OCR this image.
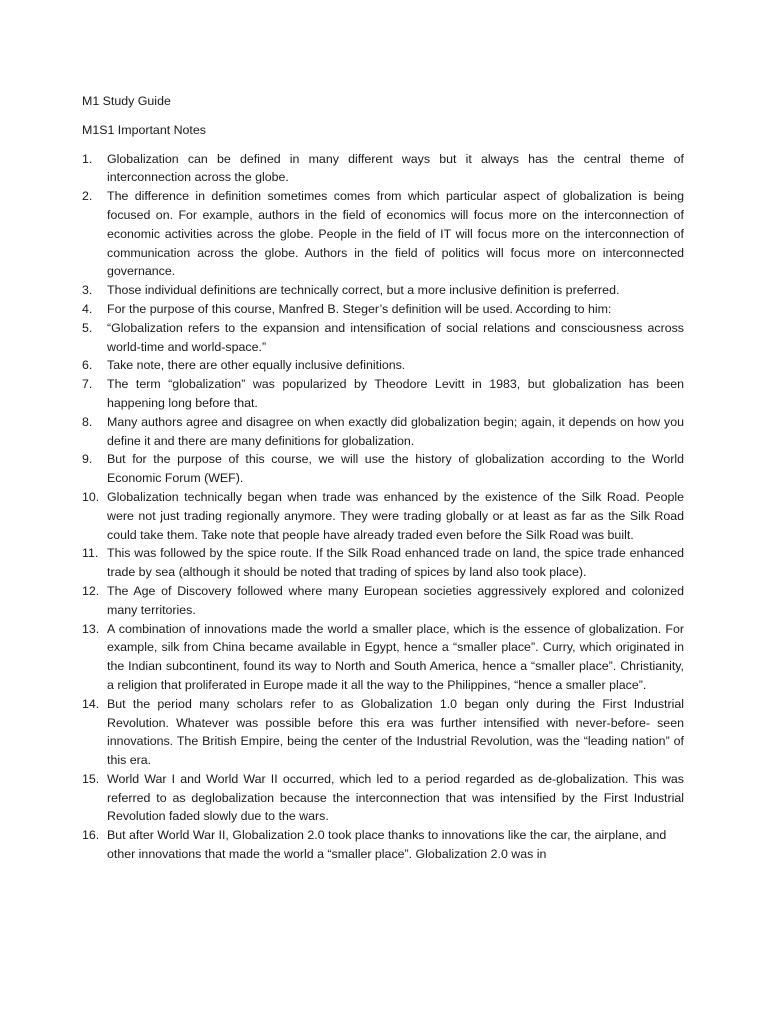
M1 Study Guide

M1S1 Important Notes

1.	Globalization can be defined in many different ways but it always has the central theme of interconnection across the globe.
2.	The difference in definition sometimes comes from which particular aspect of globalization is being focused on. For example, authors in the field of economics will focus more on the interconnection of economic activities across the globe. People in the field of IT will focus more on the interconnection of communication across the globe. Authors in the field of politics will focus more on interconnected governance.
3.	Those individual definitions are technically correct, but a more inclusive definition is preferred.
4.	For the purpose of this course, Manfred B. Steger’s definition will be used. According to him:
5.	“Globalization refers to the expansion and intensification of social relations and consciousness across world-time and world-space.”
6.	Take note, there are other equally inclusive definitions.
7.	The term “globalization” was popularized by Theodore Levitt in 1983, but globalization has been happening long before that.
8.	Many authors agree and disagree on when exactly did globalization begin; again, it depends on how you define it and there are many definitions for globalization.
9.	But for the purpose of this course, we will use the history of globalization according to the World Economic Forum (WEF).
10. Globalization technically began when trade was enhanced by the existence of the Silk Road. People were not just trading regionally anymore. They were trading globally or at least as far as the Silk Road could take them. Take note that people have already traded even before the Silk Road was built.
11. This was followed by the spice route. If the Silk Road enhanced trade on land, the spice trade enhanced trade by sea (although it should be noted that trading of spices by land also took place).
12. The Age of Discovery followed where many European societies aggressively explored and colonized many territories.
13. A combination of innovations made the world a smaller place, which is the essence of globalization. For example, silk from China became available in Egypt, hence a “smaller place”. Curry, which originated in the Indian subcontinent, found its way to North and South America, hence a “smaller place”. Christianity, a religion that proliferated in Europe made it all the way to the Philippines, “hence a smaller place”.
14. But the period many scholars refer to as Globalization 1.0 began only during the First Industrial Revolution. Whatever was possible before this era was further intensified with never-before- seen innovations. The British Empire, being the center of the Industrial Revolution, was the “leading nation” of this era.
15. World War I and World War II occurred, which led to a period regarded as de-globalization. This was referred to as deglobalization because the interconnection that was intensified by the First Industrial Revolution faded slowly due to the wars.
16. But after World War II, Globalization 2.0 took place thanks to innovations like the car, the airplane, and other innovations that made the world a “smaller place”. Globalization 2.0 was in
